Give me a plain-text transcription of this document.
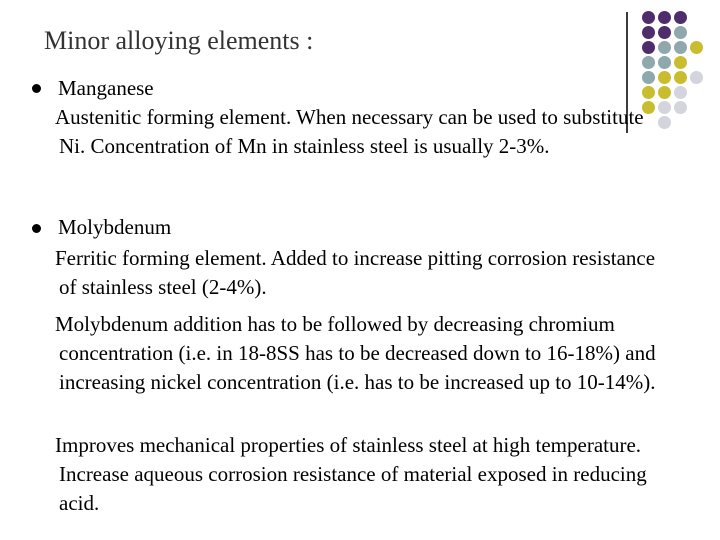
Minor alloying elements :
Manganese

Austenitic forming element. When necessary can be used to substitute Ni. Concentration of Mn in stainless steel is usually 2-3%.

Molybdenum

Ferritic forming element. Added to increase pitting corrosion resistance of stainless steel (2-4%).

Molybdenum addition has to be followed by decreasing chromium concentration (i.e. in 18-8SS has to be decreased down to 16-18%) and increasing nickel concentration (i.e. has to be increased up to 10-14%).

Improves mechanical properties of stainless steel at high temperature. Increase aqueous corrosion resistance of material exposed in reducing acid.
